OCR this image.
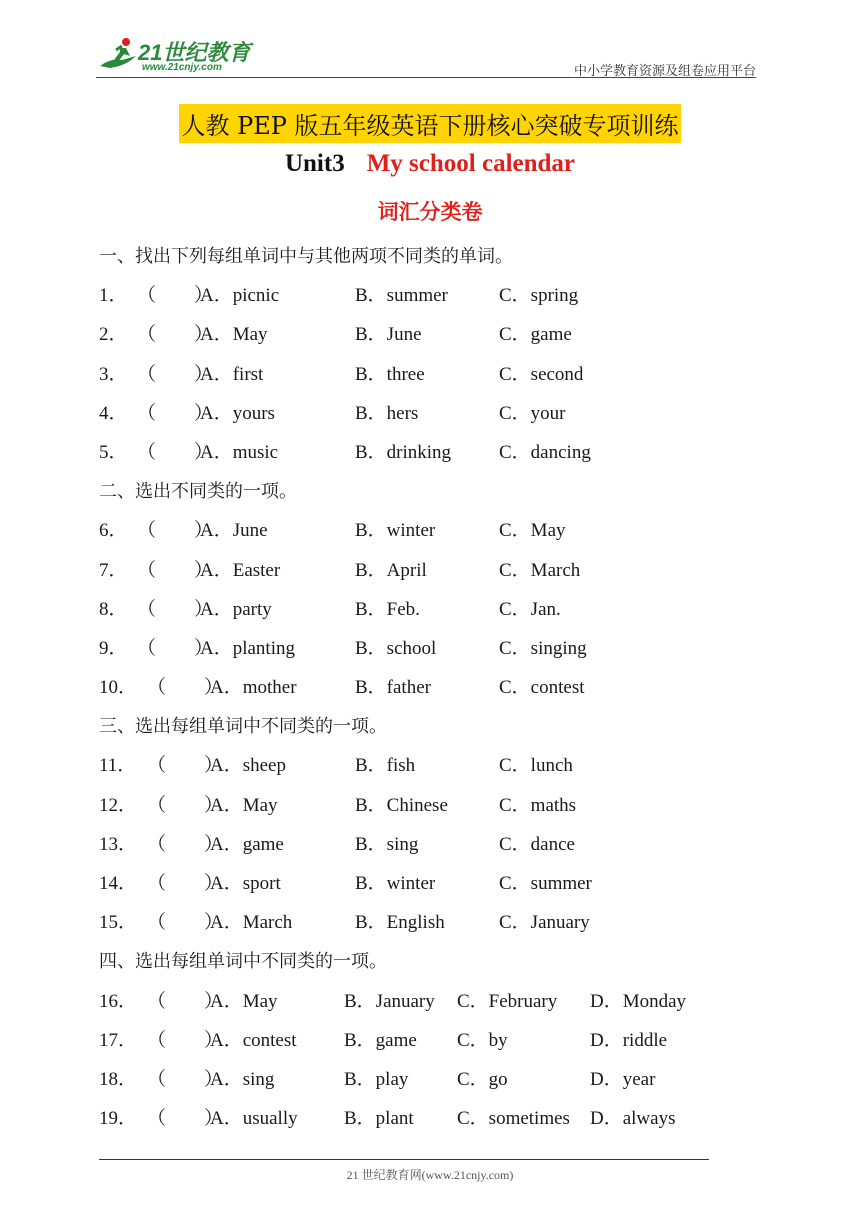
21世纪教育
www.21cnjy.com	中小学教育资源及组卷应用平台
人教 PEP 版五年级英语下册核心突破专项训练
Unit3 My school calendar
词汇分类卷
一、找出下列每组单词中与其他两项不同类的单词。
1． （　　）
A．picnic	B．summer	C．spring
2． （　　）
A．May	B．June	C．game
3． （　　）
A．first	B．three	C．second
4． （　　）
A．yours	B．hers	C．your
5． （　　）
A．music	B．drinking	C．dancing
二、选出不同类的一项。
6． （　　）
A．June	B．winter	C．May
7． （　　）
A．Easter	B．April	C．March
8． （　　）
A．party	B．Feb.	C．Jan.
9． （　　）
A．planting	B．school	C．singing
10． （　　）
A．mother	B．father	C．contest
三、选出每组单词中不同类的一项。
11． （　　）
A．sheep	B．fish	C．lunch
12． （　　）
A．May	B．Chinese	C．maths
13． （　　）
A．game	B．sing	C．dance
14． （　　）
A．sport	B．winter	C．summer
15． （　　）
A．March	B．English	C．January
四、选出每组单词中不同类的一项。
16． （　　）
A．May	B．January C．February D．Monday
17． （　　）
A．contest B．game C．by	D．riddle
18． （　　）
A．sing	B．play	C．go	D．year
19． （　　）
A．usually B．plant C．sometimes D．always
21 世纪教育网(www.21cnjy.com)
